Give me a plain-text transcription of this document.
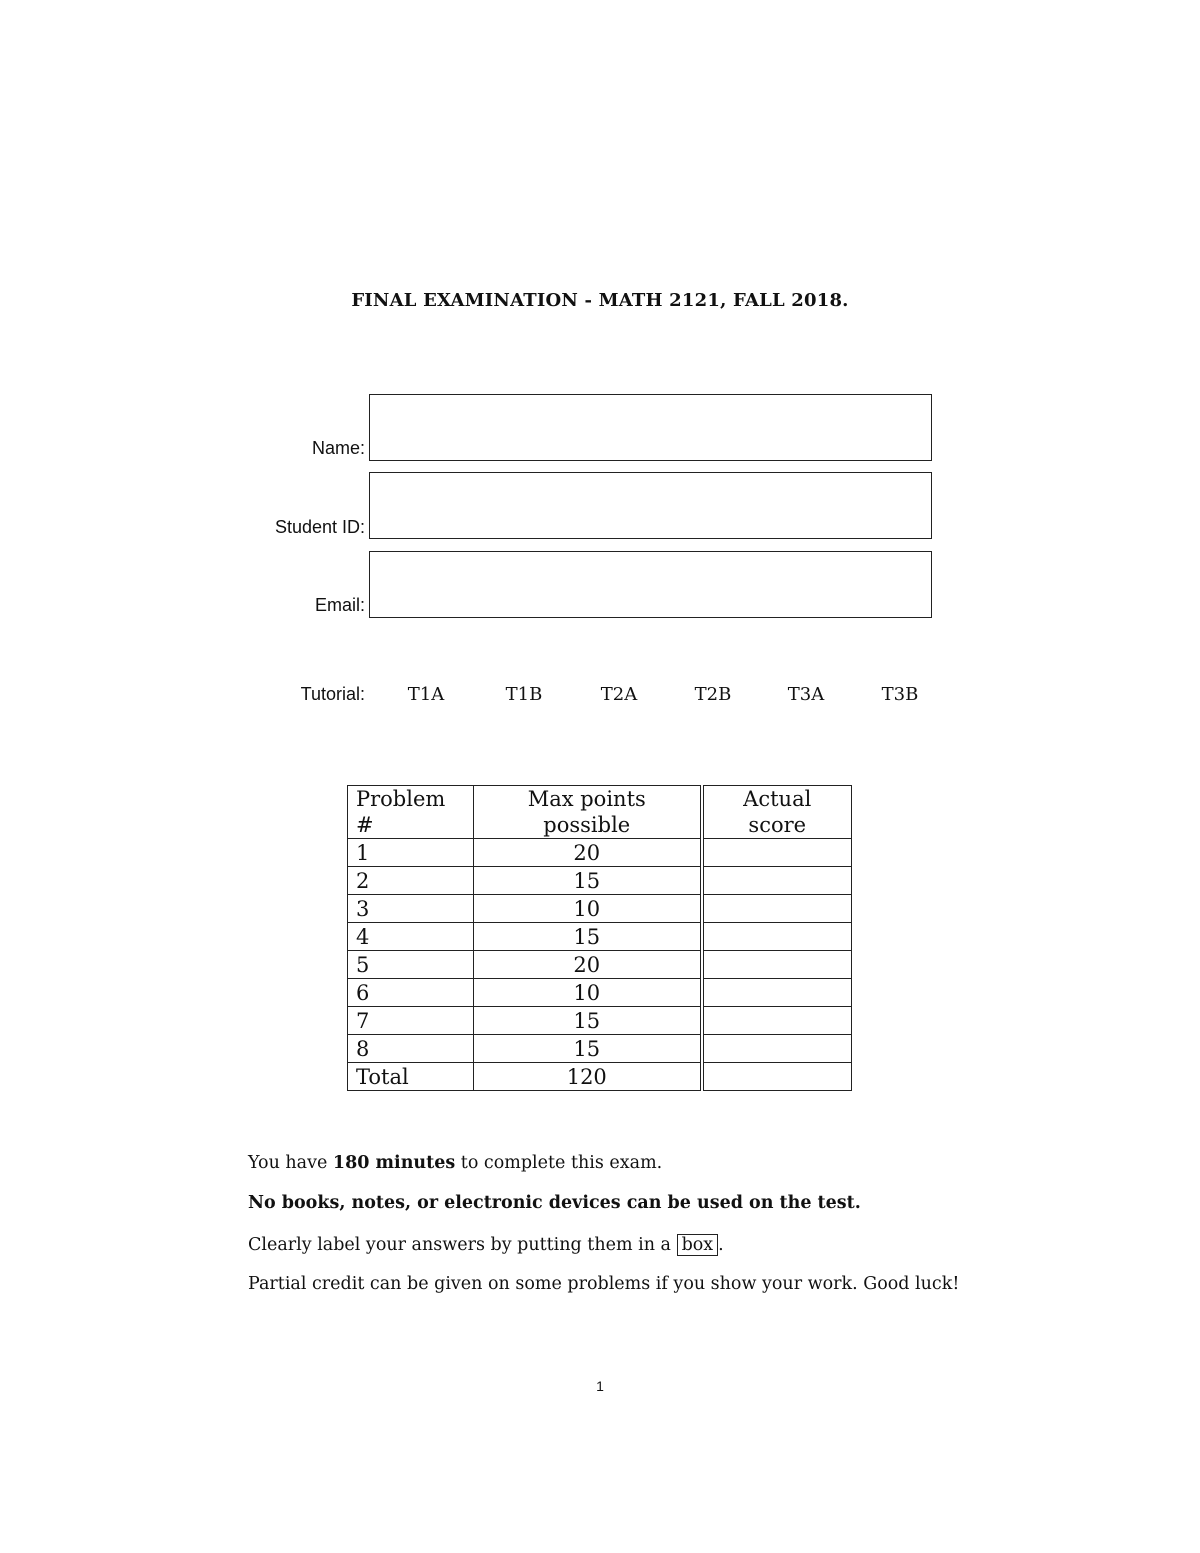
FINAL EXAMINATION - MATH 2121, FALL 2018.
Name:
Student ID:
Email:
Tutorial:	T1A	T1B	T2A	T2B	T3A	T3B
Problem #	Max points possible	Actual score
1	20	
2	15	
3	10	
4	15	
5	20	
6	10	
7	15	
8	15	
Total	120	
You have 180 minutes to complete this exam.
No books, notes, or electronic devices can be used on the test.
Clearly label your answers by putting them in a box .
Partial credit can be given on some problems if you show your work. Good luck!
1
